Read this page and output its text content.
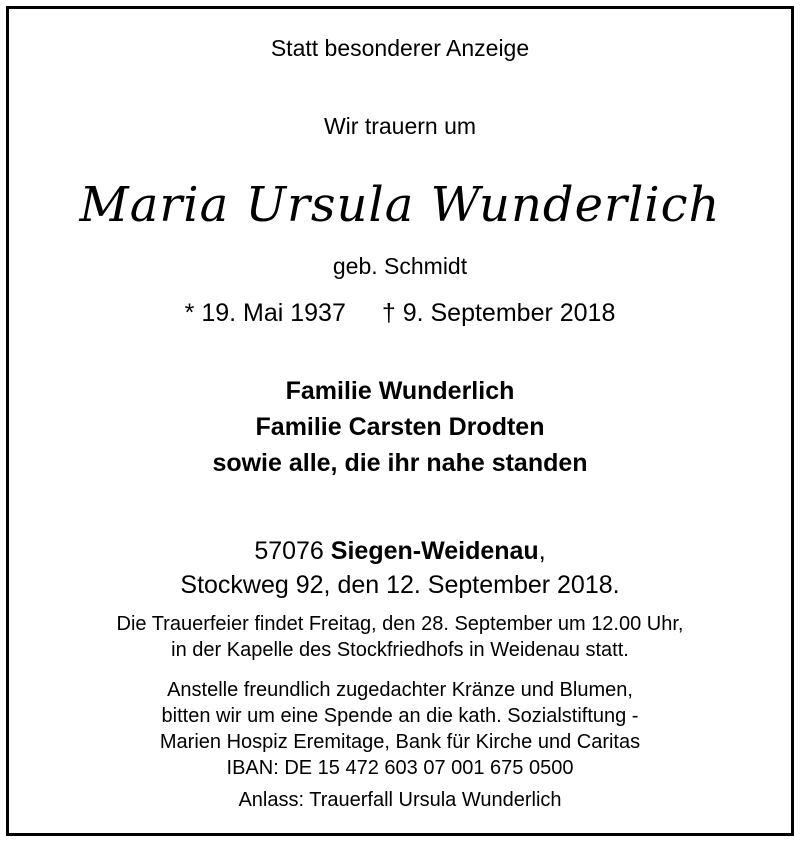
Statt besonderer Anzeige
Wir trauern um
Maria Ursula Wunderlich
geb. Schmidt
* 19. Mai 1937 † 9. September 2018
Familie Wunderlich
Familie Carsten Drodten
sowie alle, die ihr nahe standen
57076 Siegen-Weidenau,
Stockweg 92, den 12. September 2018.
Die Trauerfeier findet Freitag, den 28. September um 12.00 Uhr,
in der Kapelle des Stockfriedhofs in Weidenau statt.
Anstelle freundlich zugedachter Kränze und Blumen,
bitten wir um eine Spende an die kath. Sozialstiftung -
Marien Hospiz Eremitage, Bank für Kirche und Caritas
IBAN: DE 15 472 603 07 001 675 0500
Anlass: Trauerfall Ursula Wunderlich
